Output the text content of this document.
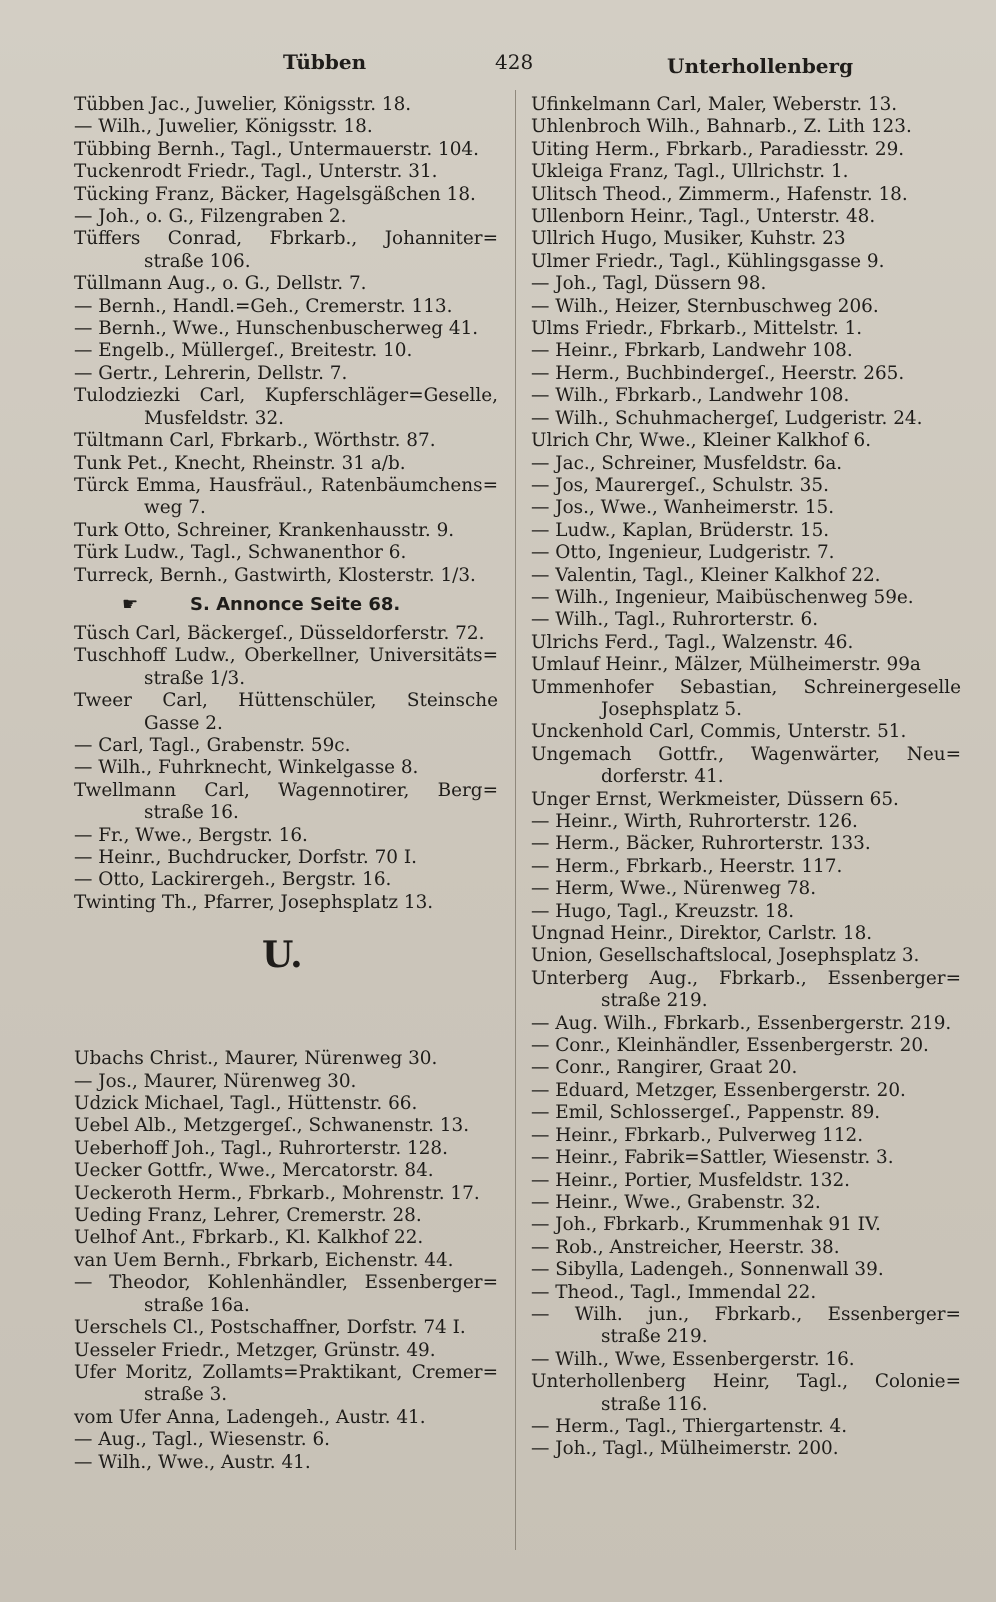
Tübben	428	Unterhollenberg
Tübben Jac., Juwelier, Königsstr. 18.
— Wilh., Juwelier, Königsstr. 18.
Tübbing Bernh., Tagl., Untermauerstr. 104.
Tuckenrodt Friedr., Tagl., Unterstr. 31.
Tücking Franz, Bäcker, Hagelsgäßchen 18.
— Joh., o. G., Filzengraben 2.
Tüffers Conrad, Fbrkarb., Johanniter=
straße 106.
Tüllmann Aug., o. G., Dellstr. 7.
— Bernh., Handl.=Geh., Cremerstr. 113.
— Bernh., Wwe., Hunschenbuscherweg 41.
— Engelb., Müllergeſ., Breitestr. 10.
— Gertr., Lehrerin, Dellstr. 7.
Tulodziezki Carl, Kupferschläger=Geselle,
Musfeldstr. 32.
Tültmann Carl, Fbrkarb., Wörthstr. 87.
Tunk Pet., Knecht, Rheinstr. 31 a/b.
Türck Emma, Hausfräul., Ratenbäumchens=
weg 7.
Turk Otto, Schreiner, Krankenhausstr. 9.
Türk Ludw., Tagl., Schwanenthor 6.
Turreck, Bernh., Gastwirth, Klosterstr. 1/3.
☛	S. Annonce Seite 68.
Tüsch Carl, Bäckergeſ., Düsseldorferstr. 72.
Tuschhoff Ludw., Oberkellner, Universitäts=
straße 1/3.
Tweer Carl, Hüttenschüler, Steinsche
Gasse 2.
— Carl, Tagl., Grabenstr. 59c.
— Wilh., Fuhrknecht, Winkelgasse 8.
Twellmann Carl, Wagennotirer, Berg=
straße 16.
— Fr., Wwe., Bergstr. 16.
— Heinr., Buchdrucker, Dorfstr. 70 I.
— Otto, Lackirergeh., Bergstr. 16.
Twinting Th., Pfarrer, Josephsplatz 13.
U.
Ubachs Christ., Maurer, Nürenweg 30.
— Jos., Maurer, Nürenweg 30.
Udzick Michael, Tagl., Hüttenstr. 66.
Uebel Alb., Metzgergeſ., Schwanenstr. 13.
Ueberhoff Joh., Tagl., Ruhrorterstr. 128.
Uecker Gottfr., Wwe., Mercatorstr. 84.
Ueckeroth Herm., Fbrkarb., Mohrenstr. 17.
Ueding Franz, Lehrer, Cremerstr. 28.
Uelhof Ant., Fbrkarb., Kl. Kalkhof 22.
van Uem Bernh., Fbrkarb, Eichenstr. 44.
— Theodor, Kohlenhändler, Essenberger=
straße 16a.
Uerschels Cl., Postschaffner, Dorfstr. 74 I.
Uesseler Friedr., Metzger, Grünstr. 49.
Ufer Moritz, Zollamts=Praktikant, Cremer=
straße 3.
vom Ufer Anna, Ladengeh., Austr. 41.
— Aug., Tagl., Wiesenstr. 6.
— Wilh., Wwe., Austr. 41.
Ufinkelmann Carl, Maler, Weberstr. 13.
Uhlenbroch Wilh., Bahnarb., Z. Lith 123.
Uiting Herm., Fbrkarb., Paradiesstr. 29.
Ukleiga Franz, Tagl., Ullrichstr. 1.
Ulitsch Theod., Zimmerm., Hafenstr. 18.
Ullenborn Heinr., Tagl., Unterstr. 48.
Ullrich Hugo, Musiker, Kuhstr. 23
Ulmer Friedr., Tagl., Kühlingsgasse 9.
— Joh., Tagl, Düssern 98.
— Wilh., Heizer, Sternbuschweg 206.
Ulms Friedr., Fbrkarb., Mittelstr. 1.
— Heinr., Fbrkarb, Landwehr 108.
— Herm., Buchbindergeſ., Heerstr. 265.
— Wilh., Fbrkarb., Landwehr 108.
— Wilh., Schuhmachergeſ, Ludgeristr. 24.
Ulrich Chr, Wwe., Kleiner Kalkhof 6.
— Jac., Schreiner, Musfeldstr. 6a.
— Jos, Maurergeſ., Schulstr. 35.
— Jos., Wwe., Wanheimerstr. 15.
— Ludw., Kaplan, Brüderstr. 15.
— Otto, Ingenieur, Ludgeristr. 7.
— Valentin, Tagl., Kleiner Kalkhof 22.
— Wilh., Ingenieur, Maibüschenweg 59e.
— Wilh., Tagl., Ruhrorterstr. 6.
Ulrichs Ferd., Tagl., Walzenstr. 46.
Umlauf Heinr., Mälzer, Mülheimerstr. 99a
Ummenhofer Sebastian, Schreinergeselle
Josephsplatz 5.
Unckenhold Carl, Commis, Unterstr. 51.
Ungemach Gottfr., Wagenwärter, Neu=
dorferstr. 41.
Unger Ernst, Werkmeister, Düssern 65.
— Heinr., Wirth, Ruhrorterstr. 126.
— Herm., Bäcker, Ruhrorterstr. 133.
— Herm., Fbrkarb., Heerstr. 117.
— Herm, Wwe., Nürenweg 78.
— Hugo, Tagl., Kreuzstr. 18.
Ungnad Heinr., Direktor, Carlstr. 18.
Union, Gesellschaftslocal, Josephsplatz 3.
Unterberg Aug., Fbrkarb., Essenberger=
straße 219.
— Aug. Wilh., Fbrkarb., Essenbergerstr. 219.
— Conr., Kleinhändler, Essenbergerstr. 20.
— Conr., Rangirer, Graat 20.
— Eduard, Metzger, Essenbergerstr. 20.
— Emil, Schlossergeſ., Pappenstr. 89.
— Heinr., Fbrkarb., Pulverweg 112.
— Heinr., Fabrik=Sattler, Wiesenstr. 3.
— Heinr., Portier, Musfeldstr. 132.
— Heinr., Wwe., Grabenstr. 32.
— Joh., Fbrkarb., Krummenhak 91 IV.
— Rob., Anstreicher, Heerstr. 38.
— Sibylla, Ladengeh., Sonnenwall 39.
— Theod., Tagl., Immendal 22.
— Wilh. jun., Fbrkarb., Essenberger=
straße 219.
— Wilh., Wwe, Essenbergerstr. 16.
Unterhollenberg Heinr, Tagl., Colonie=
straße 116.
— Herm., Tagl., Thiergartenstr. 4.
— Joh., Tagl., Mülheimerstr. 200.
